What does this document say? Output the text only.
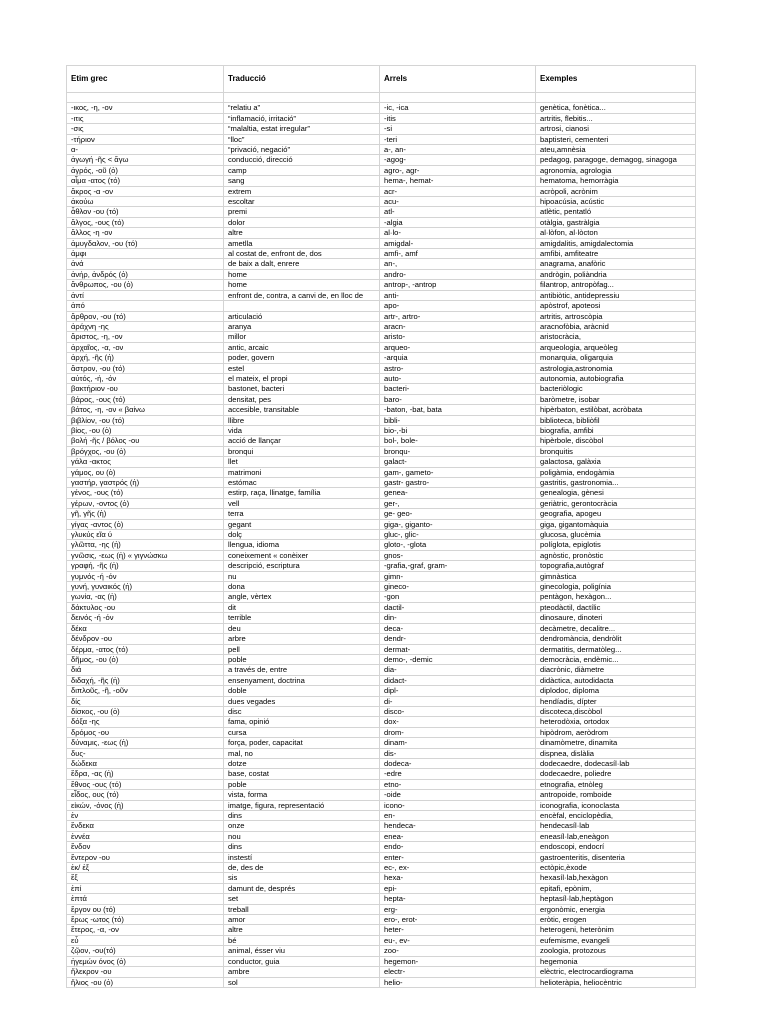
Etim grec	Traducció	Arrels	Exemples

-ικος, -η, -ον	“relatiu a”	-ic, -ica	genètica, fonètica...
-ιτις	“inflamació, irritació”	-itis	artritis, flebitis...
-σις	“malaltia, estat irregular”	-si	artrosi, cianosi
-τήριον	“lloc”	-teri	baptisteri, cementeri
α-	“privació, negació”	a-, an-	ateu,amnèsia
ἀγωγή -ῆς < ἄγω	conducció, direcció	-agog-	pedagog, paragoge, demagog, sinagoga
ἀγρός, -οῦ (ὁ)	camp	agro-, agr-	agronomia, agrologia
αἷμα -ατος (τό)	sang	hema-, hemat-	hematoma, hemorràgia
ἄκρος -α -ον	extrem	acr-	acròpoli, acrònim
ἀκούω	escoltar	acu-	hipoacúsia, acústic
ἆθλον -ου (τό)	premi	atl-	atlètic, pentatló
ἄλγος, -ους (τό)	dolor	-algia	otàlgia, gastràlgia
ἄλλος -η -ον	altre	al·lo-	al·lòfon, al·lòcton
ἀμυγδαλον, -ου (τό)	ametlla	amigdal-	amigdalitis, amigdalectomia
ἀμφι	al costat de, enfront de, dos	amfi-, amf	amfibi, amfiteatre
ἀνά	de baix a dalt, enrere	an-,	anagrama, anafòric
ἀνήρ, ἀνδρός (ὁ)	home	andro-	andrògin, poliàndria
ἄνθρωπος, -ου (ὁ)	home	antrop-, -antrop	filantrop, antropòfag...
ἀντί	enfront de, contra, a canvi de, en lloc de	anti-	antibiòtic, antidepressiu
ἀπό		apo-	apòstrof, apoteosi
ἄρθρον, -ου (τό)	articulació	artr-, artro-	artritis, artroscòpia
ἀράχνη -ης	aranya	aracn-	aracnofòbia, aràcnid
ἄριστος, -η, -ον	millor	aristo-	aristocràcia,
ἀρχαῖος, -α, -ον	antic, arcaic	arqueo-	arqueologia, arqueòleg
ἀρχή, -ῆς (ἡ)	poder, govern	-arquia	monarquia, oligarquia
ἄστρον, -ου (τό)	estel	astro-	astrologia,astronomia
αὐτός, -ή, -όν	el mateix, el propi	auto-	autonomia, autobiografia
βακτήριον -ου	bastonet, bacteri	bacteri-	bacteriòlogic
βάρος, -ους (τό)	densitat, pes	baro-	baròmetre, isobar
βάτος, -η, -ον « βαίνω	accesible, transitable	-baton, -bat, bata	hipèrbaton, estilòbat, acròbata
βιβλίον, -ου (τό)	llibre	bibli-	biblioteca, bibliòfil
βίος, -ου (ὁ)	vida	bio-,-bi	biografia, amfibi
βολή -ῆς / βόλος -ου	acció de llançar	bol-, bole-	hipèrbole, discòbol
βρόγχος, -ου (ὁ)	bronqui	bronqu-	bronquitis
γάλα -ακτος	llet	galact-	galactosa, galàxia
γάμος, ου (ὁ)	matrimoni	gam-, gameto-	poligàmia, endogàmia
γαστήρ, γαστρός (ἡ)	estómac	gastr- gastro-	gastritis, gastronomia...
γένος, -ους (τό)	estirp, raça, llinatge, família	genea-	genealogia, gènesi
γέρων, -οντος (ὁ)	vell	ger-,	geriàtric, gerontocràcia
γῆ, γῆς (ἡ)	terra	ge- geo-	geografia, apogeu
γίγας -αντος (ὁ)	gegant	giga-, giganto-	giga, gigantomàquia
γλυκύς εῖα ύ	dolç	gluc-, glic-	glucosa, glucèmia
γλῶττα, -ης (ἡ)	llengua, idioma	gloto-, -glota	políglota, epiglotis
γνῶσις, -εως (ἡ) « γιγνώσκω	coneixement « conèixer	gnos-	agnòstic, pronòstic
γραφή, -ῆς (ἡ)	descripció, escriptura	-grafia,-graf, gram-	topografia,autògraf
γυμνός -ή -όν	nu	gimn-	gimnàstica
γυνή, γυναικός (ἡ)	dona	gineco-	ginecologia, poligínia
γωνία, -ας (ἡ)	angle, vèrtex	-gon	pentàgon, hexàgon...
δάκτυλος -ου	dit	dactil-	pteodàctil, dactílic
δεινός -ή -όν	terrible	din-	dinosaure, dinoteri
δέκα	deu	deca-	decàmetre, decalitre...
δένδρον -ου	arbre	dendr-	dendromància, dendròlit
δέρμα, -ατος (τό)	pell	dermat-	dermatitis, dermatòleg...
δῆμος, -ου (ὁ)	poble	demo-, -demic	democràcia, endèmic...
διά	a través de, entre	dia-	diacrònic, diàmetre
διδαχή, -ῆς (ἡ)	ensenyament, doctrina	didact-	didàctica, autodidacta
διπλοῦς, -ῆ, -οῦν	doble	dipl-	diplodoc, diploma
δίς	dues vegades	di-	hendíadis, dípter
δίσκος, -ου (ὁ)	disc	disco-	discoteca,discòbol
δόξα -ης	fama, opinió	dox-	heterodòxia, ortodox
δρόμος -ου	cursa	drom-	hipòdrom, aeròdrom
δύναμις, -εως (ἡ)	força, poder, capacitat	dinam-	dinamòmetre, dinamita
δυς-	mal, no	dis-	dispnea, dislàlia
δώδεκα	dotze	dodeca-	dodecaedre, dodecasíl·lab
ἕδρα, -ας (ἡ)	base, costat	-edre	dodecaedre, poliedre
ἔθνος -ους (τό)	poble	etno-	etnografia, etnòleg
εἶδος, ους (τό)	vista, forma	-oide	antropoide, romboide
εἰκών, -όνος (ἡ)	imatge, figura, representació	icono-	iconografia, iconoclasta
ἐν	dins	en-	encèfal, enciclopèdia,
ἕνδεκα	onze	hendeca-	hendecasíl·lab
ἐννέα	nou	enea-	eneasíl·lab,eneàgon
ἔνδον	dins	endo-	endoscopi, endocrí
ἔντερον -ου	instestí	enter-	gastroenteritis, disenteria
ἐκ/ ἐξ	de, des de	ec-, ex-	ectòpic,èxode
ἕξ	sis	hexa-	hexasíl·lab,hexàgon
ἐπί	damunt de, després	epi-	epitafi, epònim,
ἑπτά	set	hepta-	heptasíl·lab,heptàgon
ἔργον ου (τό)	treball	erg-	ergonòmic, energia
ἔρως -ωτος (τό)	amor	ero-, erot-	eròtic, erogen
ἕτερος, -α, -ον	altre	heter-	heterogeni, heterònim
εὖ	bé	eu-, ev-	eufemisme, evangeli
ζῷον, -ου(τό)	animal, ésser viu	zoo-	zoologia, protozous
ἡγεμών όνος (ὁ)	conductor, guia	hegemon-	hegemonia
ἤλεκρον -ου	ambre	electr-	elèctric, electrocardiograma
ἥλιος -ου (ὁ)	sol	helio-	helioteràpia, heliocèntric
